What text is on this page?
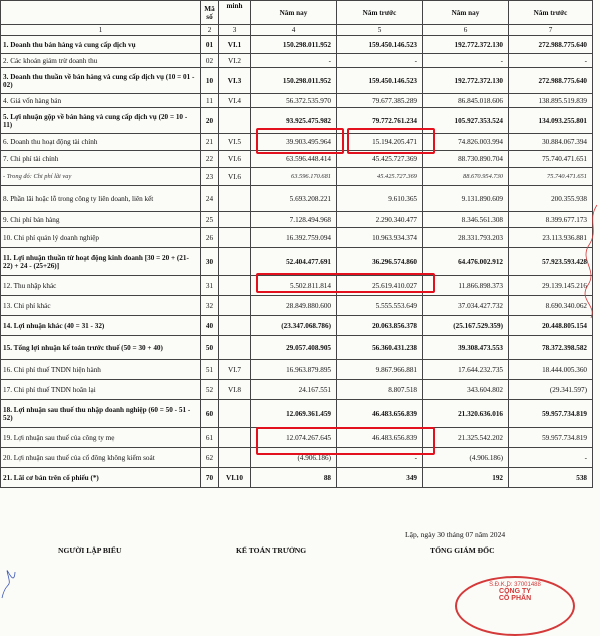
	Mã
số	minh	Năm nay	Năm trước	Năm nay	Năm trước
1	2	3	4	5	6	7
1. Doanh thu bán hàng và cung cấp dịch vụ	01	VI.1	150.298.011.952	159.450.146.523	192.772.372.130	272.988.775.640
2. Các khoản giảm trừ doanh thu	02	VI.2	-	-	-	-
3. Doanh thu thuần về bán hàng và cung cấp dịch vụ (10 = 01 - 02)	10	VI.3	150.298.011.952	159.450.146.523	192.772.372.130	272.988.775.640
4. Giá vốn hàng bán	11	VI.4	56.372.535.970	79.677.385.289	86.845.018.606	138.895.519.839
5. Lợi nhuận gộp về bán hàng và cung cấp dịch vụ (20 = 10 - 11)	20		93.925.475.982	79.772.761.234	105.927.353.524	134.093.255.801
6. Doanh thu hoạt động tài chính	21	VI.5	39.903.495.964	15.194.205.471	74.826.003.994	30.884.067.394
7. Chi phí tài chính	22	VI.6	63.596.448.414	45.425.727.369	88.730.890.704	75.740.471.651
- Trong đó: Chi phí lãi vay	23	VI.6	63.596.170.681	45.425.727.369	88.670.954.730	75.740.471.651
8. Phần lãi hoặc lỗ trong công ty liên doanh, liên kết	24		5.693.208.221	9.610.365	9.131.890.609	200.355.938
9. Chi phí bán hàng	25		7.128.494.968	2.290.340.477	8.346.561.308	8.399.677.173
10. Chi phí quản lý doanh nghiệp	26		16.392.759.094	10.963.934.374	28.331.793.203	23.113.936.881
11. Lợi nhuận thuần từ hoạt động kinh doanh [30 = 20 + (21-22) + 24 - (25+26)]	30		52.404.477.691	36.296.574.860	64.476.002.912	57.923.593.428
12. Thu nhập khác	31		5.502.811.814	25.619.410.027	11.866.898.373	29.139.145.216
13. Chi phí khác	32		28.849.880.600	5.555.553.649	37.034.427.732	8.690.340.062
14. Lợi nhuận khác (40 = 31 - 32)	40		(23.347.068.786)	20.063.856.378	(25.167.529.359)	20.448.805.154
15. Tổng lợi nhuận kế toán trước thuế (50 = 30 + 40)	50		29.057.408.905	56.360.431.238	39.308.473.553	78.372.398.582
16. Chi phí thuế TNDN hiện hành	51	VI.7	16.963.879.895	9.867.966.881	17.644.232.735	18.444.005.360
17. Chi phí thuế TNDN hoãn lại	52	VI.8	24.167.551	8.807.518	343.604.802	(29.341.597)
18. Lợi nhuận sau thuế thu nhập doanh nghiệp (60 = 50 - 51 - 52)	60		12.069.361.459	46.483.656.839	21.320.636.016	59.957.734.819
19. Lợi nhuận sau thuế của công ty mẹ	61		12.074.267.645	46.483.656.839	21.325.542.202	59.957.734.819
20. Lợi nhuận sau thuế của cổ đông không kiểm soát	62		(4.906.186)	-	(4.906.186)	-
21. Lãi cơ bản trên cổ phiếu (*)	70	VI.10	88	349	192	538
Lập, ngày 30 tháng 07 năm 2024
NGƯỜI LẬP BIỂU	KẾ TOÁN TRƯỞNG	TỔNG GIÁM ĐỐC
S.Đ.K.D: 37001488
CÔNG TY
CỔ PHẦN
